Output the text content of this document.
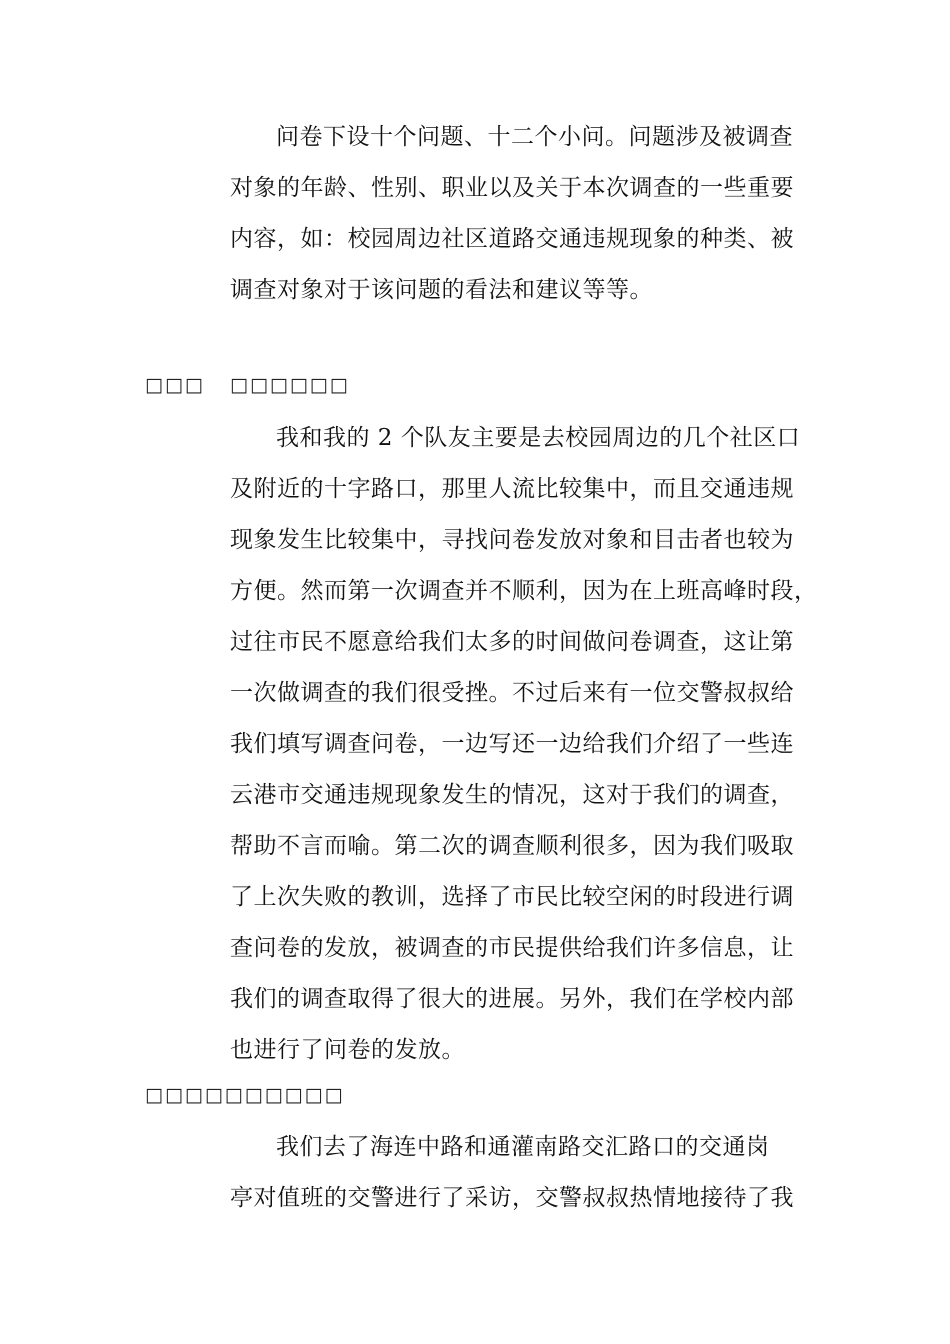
问卷下设十个问题、十二个小问。问题涉及被调查
对象的年龄、性别、职业以及关于本次调查的一些重要
内容，如：校园周边社区道路交通违规现象的种类、被
调查对象对于该问题的看法和建议等等。
□□□ □□□□□□
我和我的 2 个队友主要是去校园周边的几个社区口
及附近的十字路口，那里人流比较集中，而且交通违规
现象发生比较集中，寻找问卷发放对象和目击者也较为
方便。然而第一次调查并不顺利，因为在上班高峰时段，
过往市民不愿意给我们太多的时间做问卷调查，这让第
一次做调查的我们很受挫。不过后来有一位交警叔叔给
我们填写调查问卷，一边写还一边给我们介绍了一些连
云港市交通违规现象发生的情况，这对于我们的调查，
帮助不言而喻。第二次的调查顺利很多，因为我们吸取
了上次失败的教训，选择了市民比较空闲的时段进行调
查问卷的发放，被调查的市民提供给我们许多信息，让
我们的调查取得了很大的进展。另外，我们在学校内部
也进行了问卷的发放。
□□□□□□□□□□
我们去了海连中路和通灌南路交汇路口的交通岗
亭对值班的交警进行了采访，交警叔叔热情地接待了我
